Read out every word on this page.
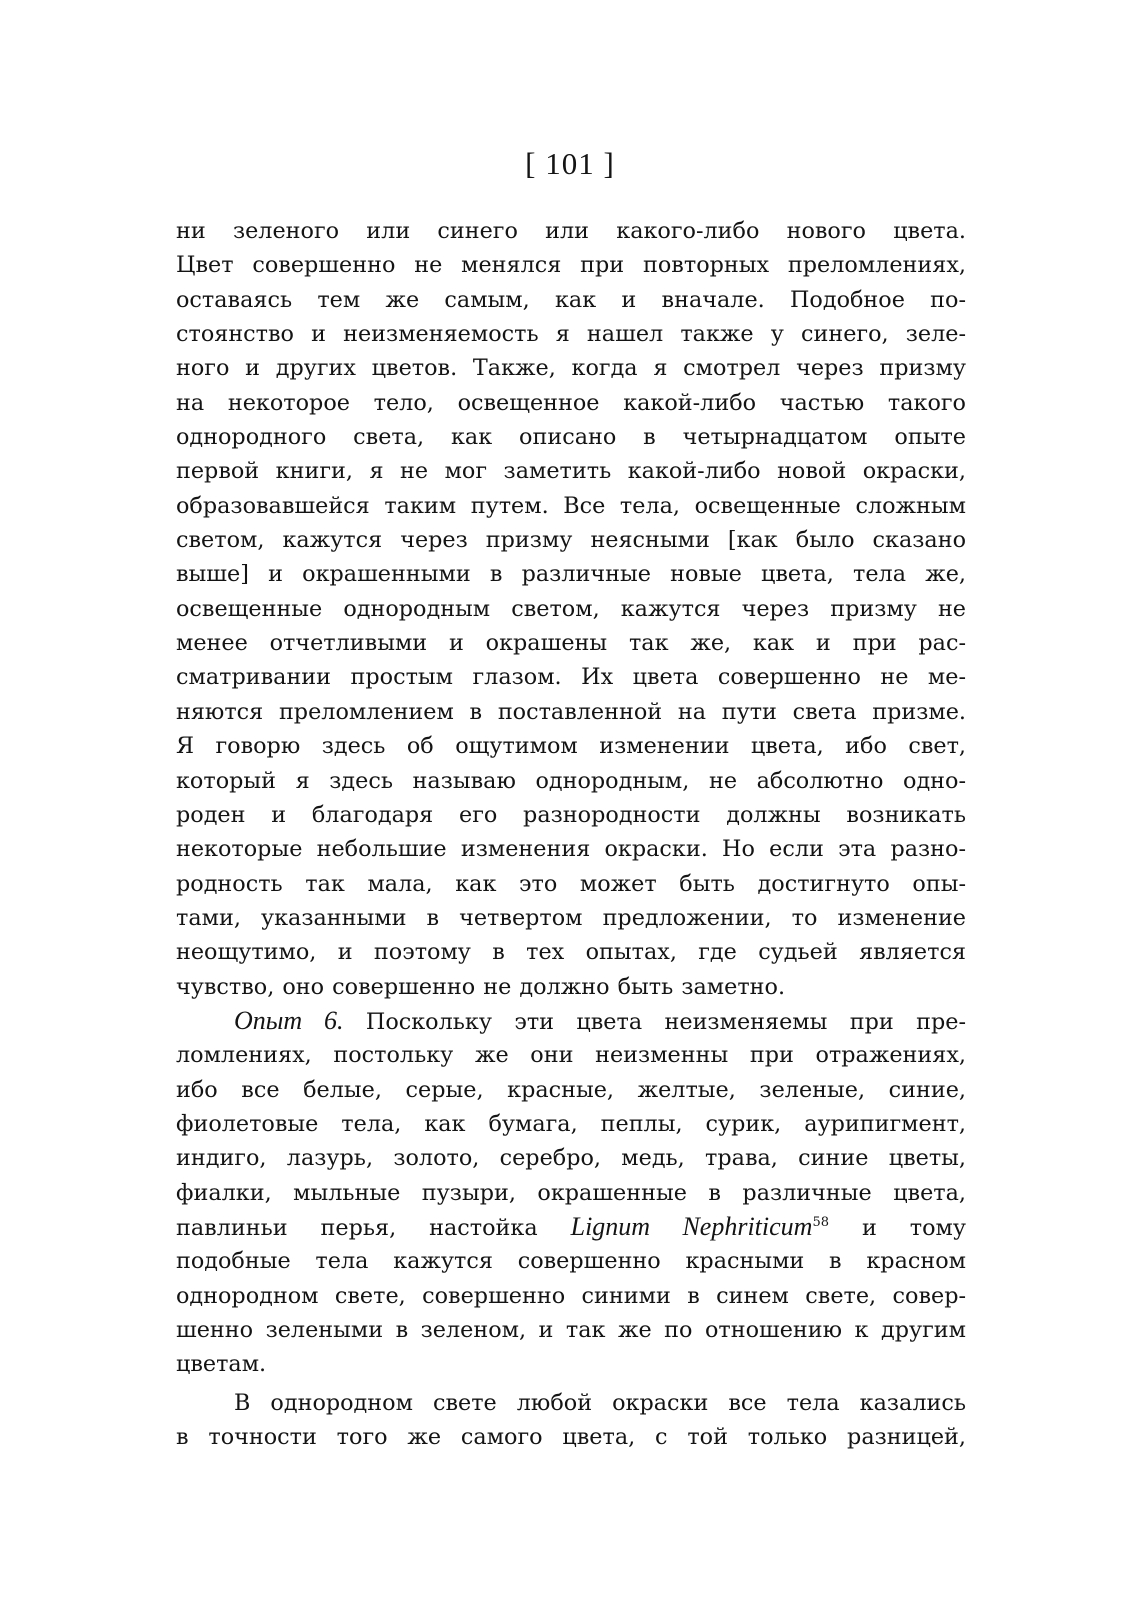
[ 101 ]
ни зеленого или синего или какого-либо нового цвета.
Цвет совершенно не менялся при повторных преломлениях,
оставаясь тем же самым, как и вначале. Подобное по-
стоянство и неизменяемость я нашел также у синего, зеле-
ного и других цветов. Также, когда я смотрел через призму
на некоторое тело, освещенное какой-либо частью такого
однородного света, как описано в четырнадцатом опыте
первой книги, я не мог заметить какой-либо новой окраски,
образовавшейся таким путем. Все тела, освещенные сложным
светом, кажутся через призму неясными [как было сказано
выше] и окрашенными в различные новые цвета, тела же,
освещенные однородным светом, кажутся через призму не
менее отчетливыми и окрашены так же, как и при рас-
сматривании простым глазом. Их цвета совершенно не ме-
няются преломлением в поставленной на пути света призме.
Я говорю здесь об ощутимом изменении цвета, ибо свет,
который я здесь называю однородным, не абсолютно одно-
роден и благодаря его разнородности должны возникать
некоторые небольшие изменения окраски. Но если эта разно-
родность так мала, как это может быть достигнуто опы-
тами, указанными в четвертом предложении, то изменение
неощутимо, и поэтому в тех опытах, где судьей является
чувство, оно совершенно не должно быть заметно.
Опыт 6. Поскольку эти цвета неизменяемы при пре-
ломлениях, постольку же они неизменны при отражениях,
ибо все белые, серые, красные, желтые, зеленые, синие,
фиолетовые тела, как бумага, пеплы, сурик, аурипигмент,
индиго, лазурь, золото, серебро, медь, трава, синие цветы,
фиалки, мыльные пузыри, окрашенные в различные цвета,
павлиньи перья, настойка Lignum Nephriticum$^{58}$ и тому
подобные тела кажутся совершенно красными в красном
однородном свете, совершенно синими в синем свете, совер-
шенно зелеными в зеленом, и так же по отношению к другим
цветам.
В однородном свете любой окраски все тела казались
в точности того же самого цвета, с той только разницей,
